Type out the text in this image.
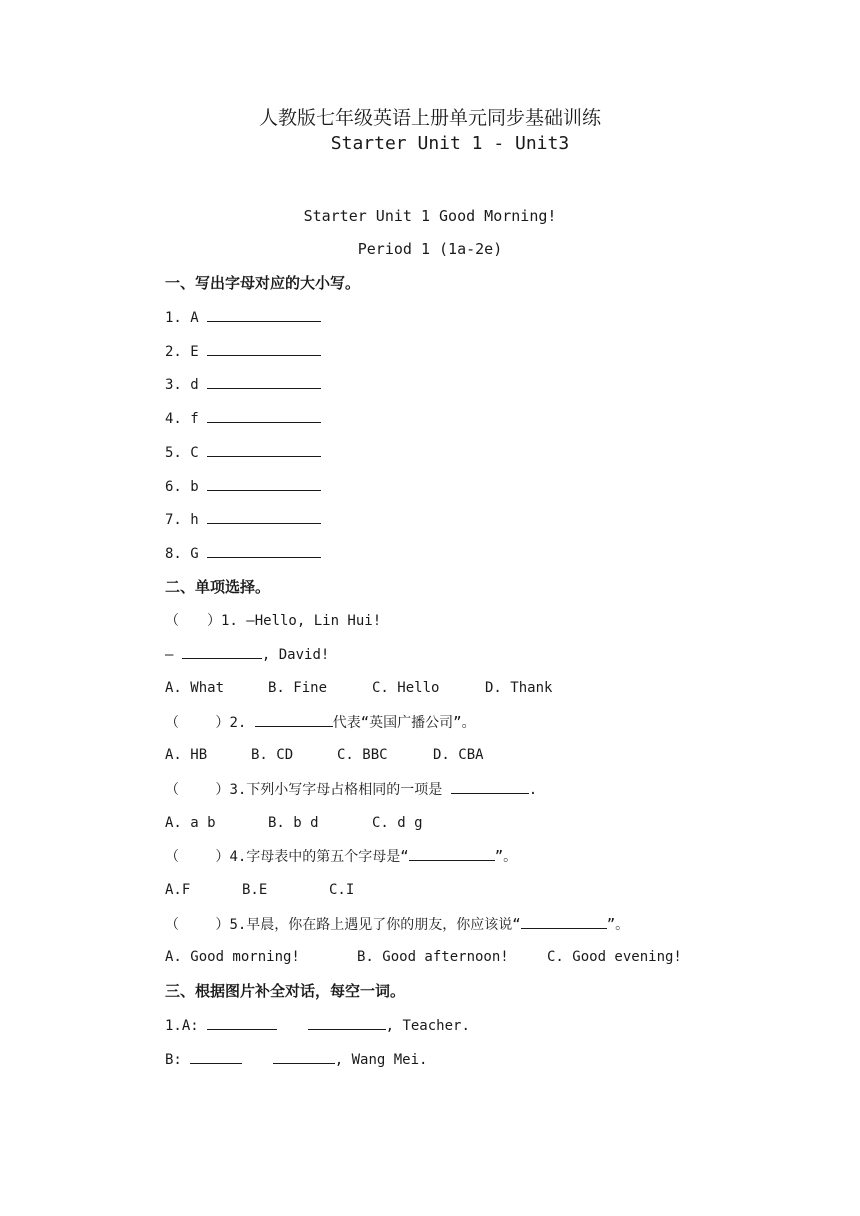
人教版七年级英语上册单元同步基础训练
Starter Unit 1 - Unit3
Starter Unit 1 Good Morning!
Period 1 (1a-2e)
一、写出字母对应的大小写。
1. A
2. E
3. d
4. f
5. C
6. b
7. h
8. G
二、单项选择。
（　　）1. —Hello, Lin Hui!
—	, David!
A. What	B. Fine	C. Hello	D. Thank
（　　 ）2.	代表“英国广播公司”。
A. HB	B. CD	C. BBC	D. CBA
（　　 ）3.下列小写字母占格相同的一项是	.
A. a b	B. b d	C. d g
（　　 ）4.字母表中的第五个字母是“	”。
A.F	B.E	C.I
（　　 ）5.早晨，你在路上遇见了你的朋友，你应该说“	”。
A. Good morning!	B. Good afternoon!	C. Good evening!
三、根据图片补全对话，每空一词。
1.A:	, Teacher.
B:	, Wang Mei.
